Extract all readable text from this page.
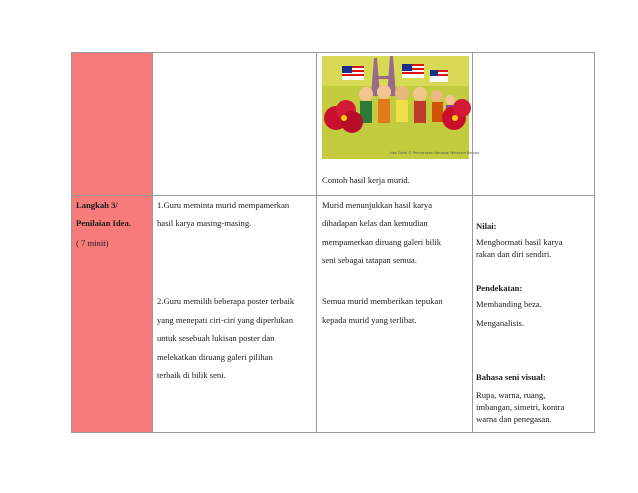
Hak Cipta © Pencetakan Nasional Malaysia Berhad
Contoh hasil kerja murid.
Langkah 3/
Penilaian Idea.
( 7 minit)
1.Guru meminta murid mempamerkan
hasil karya masing-masing.
2.Guru memilih beberapa poster terbaik
yang menepati ciri-ciri yang diperlukan
untuk sesebuah lukisan poster dan
melekatkan diruang galeri pilihan
terbaik di bilik seni.
Murid menunjukkan hasil karya
dihadapan kelas dan kemudian
mempamerkan diruang galeri bilik
seni sebagai tatapan semua.
Semua murid memberikan tepukan
kepada murid yang terlibat.
Nilai:
Menghormati hasil karya
rakan dan diri sendiri.
Pendekatan:
Membanding beza.
Menganalisis.
Bahasa seni visual:
Rupa, warna, ruang,
imbangan, simetri, kontra
warna dan penegasan.
